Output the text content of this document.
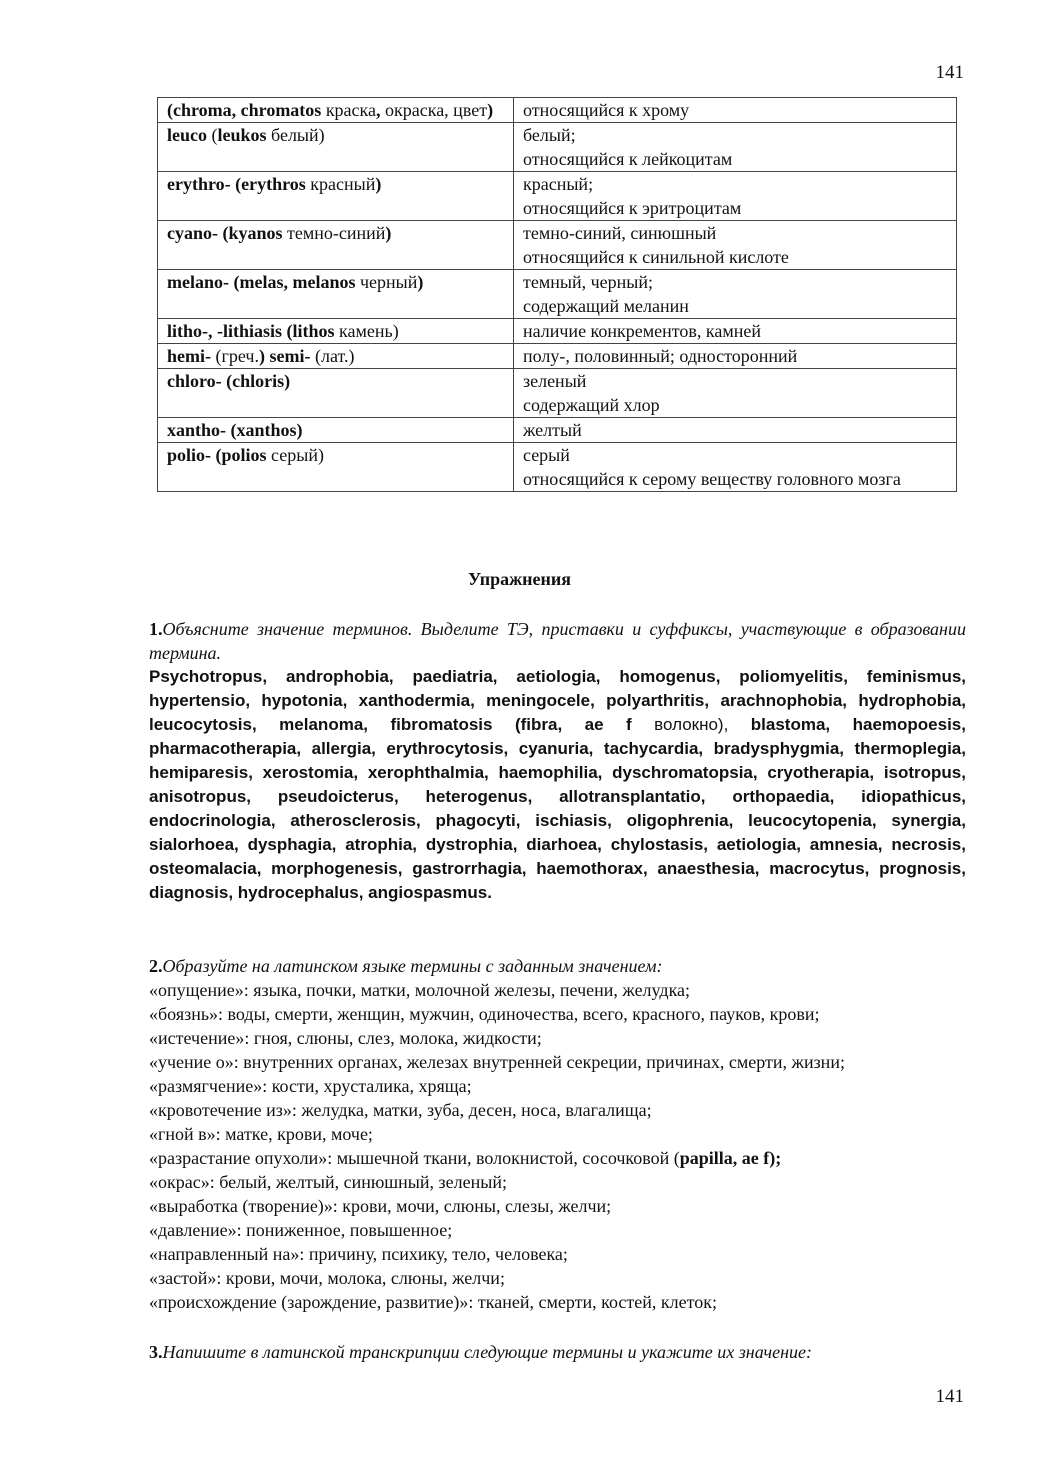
141
(chroma, chromatos краска, окраска, цвет)	относящийся к хрому

leuco (leukos белый)	белый;
относящийся к лейкоцитам

erythro- (erythros красный)	красный;
относящийся к эритроцитам

cyano- (kyanos темно-синий)	темно-синий, синюшный
относящийся к синильной кислоте

melano- (melas, melanos черный)	темный, черный;
содержащий меланин

litho-, -lithiasis (lithos камень)	наличие конкрементов, камней

hemi- (греч.) semi- (лат.)	полу-, половинный; односторонний

chloro- (chloris)	зеленый
содержащий хлор

xantho- (xanthos)	желтый

polio- (polios серый)	серый
относящийся к серому веществу головного мозга
Упражнения
1.Объясните значение терминов. Выделите ТЭ, приставки и суффиксы, участвующие в образовании термина.
Psychotropus, androphobia, paediatria, aetiologia, homogenus, poliomyelitis, feminismus, hypertensio, hypotonia, xanthodermia, meningocele, polyarthritis, arachnophobia, hydrophobia, leucocytosis, melanoma, fibromatosis (fibra, ae f волокно), blastoma, haemopoesis, pharmacotherapia, allergia, erythrocytosis, cyanuria, tachycardia, bradysphygmia, thermoplegia, hemiparesis, xerostomia, xerophthalmia, haemophilia, dyschromatopsia, cryotherapia, isotropus, anisotropus, pseudoicterus, heterogenus, allotransplantatio, orthopaedia, idiopathicus, endocrinologia, atherosclerosis, phagocyti, ischiasis, oligophrenia, leucocytopenia, synergia, sialorhoea, dysphagia, atrophia, dystrophia, diarhoea, chylostasis, aetiologia, amnesia, necrosis, osteomalacia, morphogenesis, gastrorrhagia, haemothorax, anaesthesia, macrocytus, prognosis, diagnosis, hydrocephalus, angiospasmus.
2.Образуйте на латинском языке термины с заданным значением:
«опущение»: языка, почки, матки, молочной железы, печени, желудка;
«боязнь»: воды, смерти, женщин, мужчин, одиночества, всего, красного, пауков, крови;
«истечение»: гноя, слюны, слез, молока, жидкости;
«учение о»: внутренних органах, железах внутренней секреции, причинах, смерти, жизни;
«размягчение»: кости, хрусталика, хряща;
«кровотечение из»: желудка, матки, зуба, десен, носа, влагалища;
«гной в»: матке, крови, моче;
«разрастание опухоли»: мышечной ткани, волокнистой, сосочковой (papilla, ae f);
«окрас»: белый, желтый, синюшный, зеленый;
«выработка (творение)»: крови, мочи, слюны, слезы, желчи;
«давление»: пониженное, повышенное;
«направленный на»: причину, психику, тело, человека;
«застой»: крови, мочи, молока, слюны, желчи;
«происхождение (зарождение, развитие)»: тканей, смерти, костей, клеток;
3.Напишите в латинской транскрипции следующие термины и укажите их значение:
141
